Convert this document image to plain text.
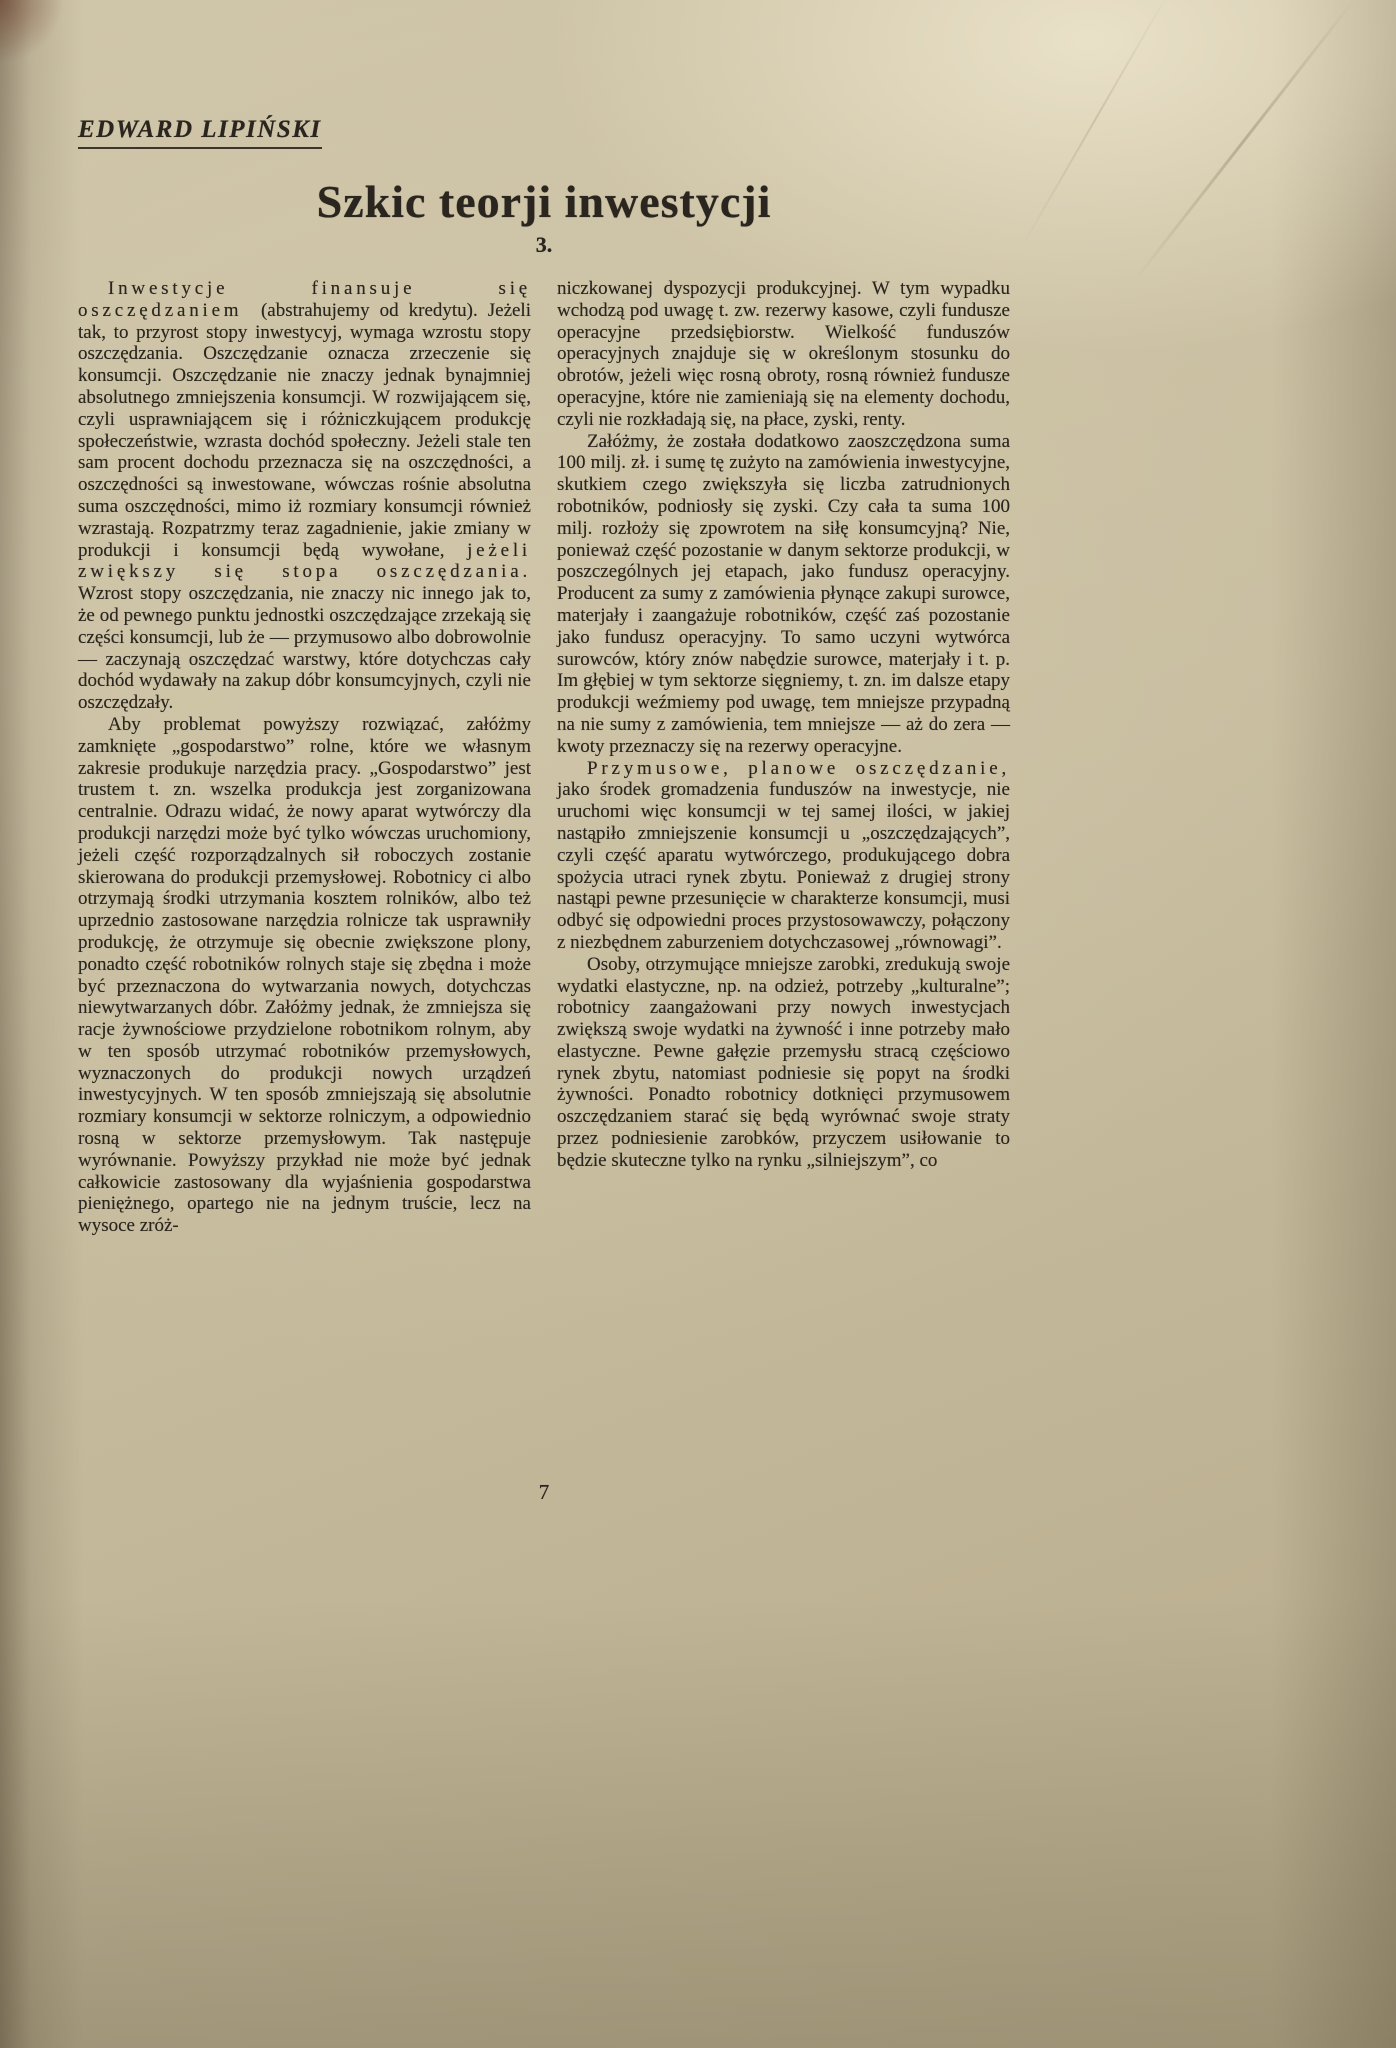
EDWARD LIPIŃSKI
Szkic teorji inwestycji
3.

Inwestycje finansuje się oszczędzaniem (abstrahujemy od kredytu). Jeżeli tak, to przyrost stopy inwestycyj, wymaga wzrostu stopy oszczędzania. Oszczędzanie oznacza zrzeczenie się konsumcji. Oszczędzanie nie znaczy jednak bynajmniej absolutnego zmniejszenia konsumcji. W rozwijającem się, czyli usprawniającem się i różniczkującem produkcję społeczeństwie, wzrasta dochód społeczny. Jeżeli stale ten sam procent dochodu przeznacza się na oszczędności, a oszczędności są inwestowane, wówczas rośnie absolutna suma oszczędności, mimo iż rozmiary konsumcji również wzrastają. Rozpatrzmy teraz zagadnienie, jakie zmiany w produkcji i konsumcji będą wywołane, jeżeli zwiększy się stopa oszczędzania. Wzrost stopy oszczędzania, nie znaczy nic innego jak to, że od pewnego punktu jednostki oszczędzające zrzekają się części konsumcji, lub że — przymusowo albo dobrowolnie — zaczynają oszczędzać warstwy, które dotychczas cały dochód wydawały na zakup dóbr konsumcyjnych, czyli nie oszczędzały.

Aby problemat powyższy rozwiązać, załóżmy zamknięte „gospodarstwo” rolne, które we własnym zakresie produkuje narzędzia pracy. „Gospodarstwo” jest trustem t. zn. wszelka produkcja jest zorganizowana centralnie. Odrazu widać, że nowy aparat wytwórczy dla produkcji narzędzi może być tylko wówczas uruchomiony, jeżeli część rozporządzalnych sił roboczych zostanie skierowana do produkcji przemysłowej. Robotnicy ci albo otrzymają środki utrzymania kosztem rolników, albo też uprzednio zastosowane narzędzia rolnicze tak usprawniły produkcję, że otrzymuje się obecnie zwiększone plony, ponadto część robotników rolnych staje się zbędna i może być przeznaczona do wytwarzania nowych, dotychczas niewytwarzanych dóbr. Załóżmy jednak, że zmniejsza się racje żywnościowe przydzielone robotnikom rolnym, aby w ten sposób utrzymać robotników przemysłowych, wyznaczonych do produkcji nowych urządzeń inwestycyjnych. W ten sposób zmniejszają się absolutnie rozmiary konsumcji w sektorze rolniczym, a odpowiednio rosną w sektorze przemysłowym. Tak następuje wyrównanie. Powyższy przykład nie może być jednak całkowicie zastosowany dla wyjaśnienia gospodarstwa pieniężnego, opartego nie na jednym truście, lecz na wysoce zróż-

niczkowanej dyspozycji produkcyjnej. W tym wypadku wchodzą pod uwagę t. zw. rezerwy kasowe, czyli fundusze operacyjne przedsiębiorstw. Wielkość funduszów operacyjnych znajduje się w określonym stosunku do obrotów, jeżeli więc rosną obroty, rosną również fundusze operacyjne, które nie zamieniają się na elementy dochodu, czyli nie rozkładają się, na płace, zyski, renty.

Załóżmy, że została dodatkowo zaoszczędzona suma 100 milj. zł. i sumę tę zużyto na zamówienia inwestycyjne, skutkiem czego zwiększyła się liczba zatrudnionych robotników, podniosły się zyski. Czy cała ta suma 100 milj. rozłoży się zpowrotem na siłę konsumcyjną? Nie, ponieważ część pozostanie w danym sektorze produkcji, w poszczególnych jej etapach, jako fundusz operacyjny. Producent za sumy z zamówienia płynące zakupi surowce, materjały i zaangażuje robotników, część zaś pozostanie jako fundusz operacyjny. To samo uczyni wytwórca surowców, który znów nabędzie surowce, materjały i t. p. Im głębiej w tym sektorze sięgniemy, t. zn. im dalsze etapy produkcji weźmiemy pod uwagę, tem mniejsze przypadną na nie sumy z zamówienia, tem mniejsze — aż do zera — kwoty przeznaczy się na rezerwy operacyjne.

Przymusowe, planowe oszczędzanie, jako środek gromadzenia funduszów na inwestycje, nie uruchomi więc konsumcji w tej samej ilości, w jakiej nastąpiło zmniejszenie konsumcji u „oszczędzających”, czyli część aparatu wytwórczego, produkującego dobra spożycia utraci rynek zbytu. Ponieważ z drugiej strony nastąpi pewne przesunięcie w charakterze konsumcji, musi odbyć się odpowiedni proces przystosowawczy, połączony z niezbędnem zaburzeniem dotychczasowej „równowagi”.

Osoby, otrzymujące mniejsze zarobki, zredukują swoje wydatki elastyczne, np. na odzież, potrzeby „kulturalne”; robotnicy zaangażowani przy nowych inwestycjach zwiększą swoje wydatki na żywność i inne potrzeby mało elastyczne. Pewne gałęzie przemysłu stracą częściowo rynek zbytu, natomiast podniesie się popyt na środki żywności. Ponadto robotnicy dotknięci przymusowem oszczędzaniem starać się będą wyrównać swoje straty przez podniesienie zarobków, przyczem usiłowanie to będzie skuteczne tylko na rynku „silniejszym”, co

7
